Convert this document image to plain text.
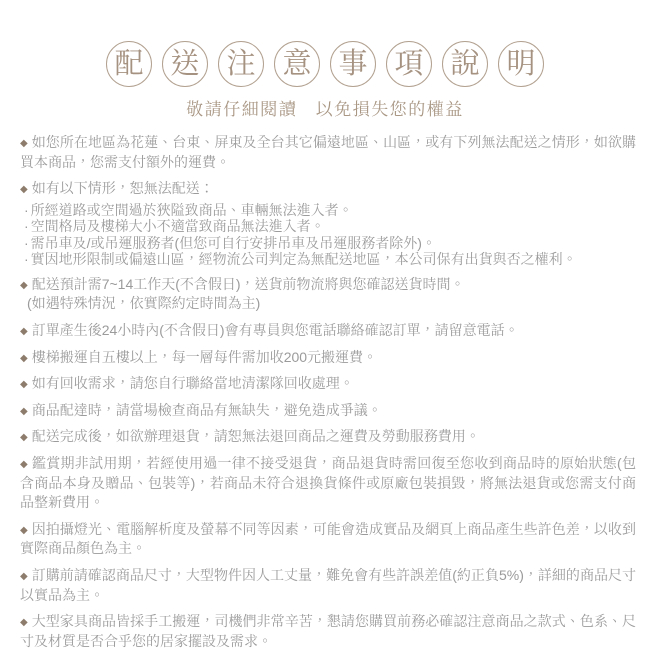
配 送 注 意 事 項 說 明
敬請仔細閱讀　以免損失您的權益
◆ 如您所在地區為花蓮、台東、屏東及全台其它偏遠地區、山區，或有下列無法配送之情形，如欲購買本商品，您需支付額外的運費。
◆ 如有以下情形，恕無法配送：
· 所經道路或空間過於狹隘致商品、車輛無法進入者。
· 空間格局及樓梯大小不適當致商品無法進入者。
· 需吊車及/或吊運服務者(但您可自行安排吊車及吊運服務者除外)。
· 實因地形限制或偏遠山區，經物流公司判定為無配送地區，本公司保有出貨與否之權利。
◆ 配送預計需7~14工作天(不含假日)，送貨前物流將與您確認送貨時間。
(如遇特殊情況，依實際約定時間為主)
◆ 訂單產生後24小時內(不含假日)會有專員與您電話聯絡確認訂單，請留意電話。
◆ 樓梯搬運自五樓以上，每一層每件需加收200元搬運費。
◆ 如有回收需求，請您自行聯絡當地清潔隊回收處理。
◆ 商品配達時，請當場檢查商品有無缺失，避免造成爭議。
◆ 配送完成後，如欲辦理退貨，請恕無法退回商品之運費及勞動服務費用。
◆ 鑑賞期非試用期，若經使用過一律不接受退貨，商品退貨時需回復至您收到商品時的原始狀態(包含商品本身及贈品、包裝等)，若商品未符合退換貨條件或原廠包裝損毀，將無法退貨或您需支付商品整新費用。
◆ 因拍攝燈光、電腦解析度及螢幕不同等因素，可能會造成實品及網頁上商品產生些許色差，以收到實際商品顏色為主。
◆ 訂購前請確認商品尺寸，大型物件因人工丈量，難免會有些許誤差值(約正負5%)，詳細的商品尺寸以實品為主。
◆ 大型家具商品皆採手工搬運，司機們非常辛苦，懇請您購買前務必確認注意商品之款式、色系、尺寸及材質是否合乎您的居家擺設及需求。
